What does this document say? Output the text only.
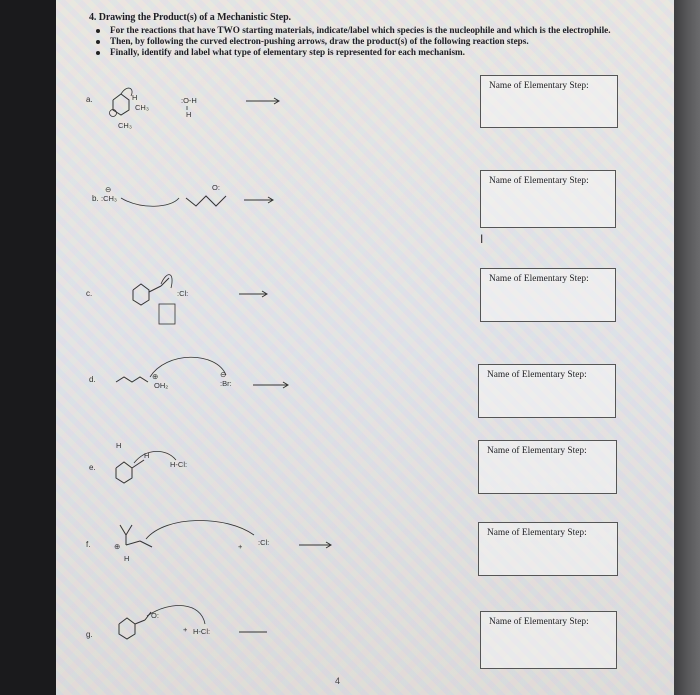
4. Drawing the Product(s) of a Mechanistic Step.
For the reactions that have TWO starting materials, indicate/label which species is the nucleophile and which is the electrophile.
Then, by following the curved electron-pushing arrows, draw the product(s) of the following reaction steps.
Finally, identify and label what type of elementary step is represented for each mechanism.
a.	H
CH₃
CH₃
:O-H
H
Name of Elementary Step:
b.
⊖
:CH₃
O:
Name of Elementary Step:
c.	:Cl:
Name of Elementary Step:
d.	⊕
OH₂
⊖
:Br:
Name of Elementary Step:
e.
H
H
H-Cl:
Name of Elementary Step:
f.	⊕
H
+ :Cl:
Name of Elementary Step:
g.
O:
+ H-Cl:
Name of Elementary Step:
I
4
